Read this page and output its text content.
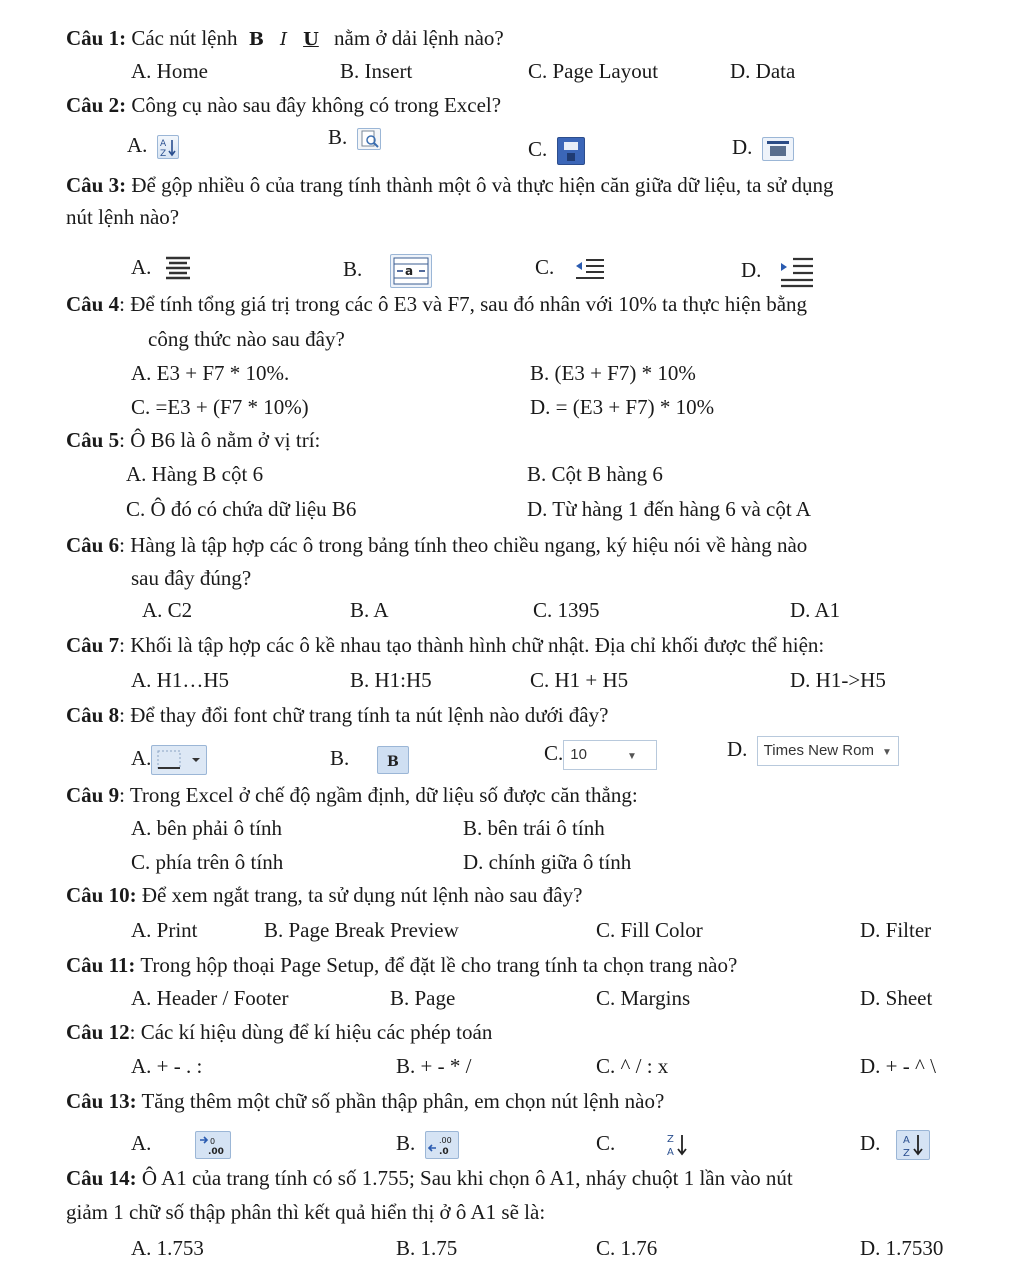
Câu 1: Các nút lệnh B I U nằm ở dải lệnh nào?
A. Home	B. Insert	C. Page Layout	D. Data
Câu 2: Công cụ nào sau đây không có trong Excel?
A. A
Z
B.	C.	D.
Câu 3: Để gộp nhiều ô của trang tính thành một ô và thực hiện căn giữa dữ liệu, ta sử dụng
nút lệnh nào?
A.	B.	a	C.	D.
Câu 4: Để tính tổng giá trị trong các ô E3 và F7, sau đó nhân với 10% ta thực hiện bằng
công thức nào sau đây?
A. E3 + F7 * 10%.	B. (E3 + F7) * 10%
C. =E3 + (F7 * 10%)	D. = (E3 + F7) * 10%
Câu 5: Ô B6 là ô nằm ở vị trí:
A. Hàng B cột 6	B. Cột B hàng 6
C. Ô đó có chứa dữ liệu B6	D. Từ hàng 1 đến hàng 6 và cột A
Câu 6: Hàng là tập hợp các ô trong bảng tính theo chiều ngang, ký hiệu nói về hàng nào
sau đây đúng?
A. C2	B. A	C. 1395	D. A1
Câu 7: Khối là tập hợp các ô kề nhau tạo thành hình chữ nhật. Địa chỉ khối được thể hiện:
A. H1…H5	B. H1:H5	C. H1 + H5	D. H1->H5
Câu 8: Để thay đổi font chữ trang tính ta nút lệnh nào dưới đây?
A.	B.	B	C. 10	▼	D. Times New Rom ▼
Câu 9: Trong Excel ở chế độ ngầm định, dữ liệu số được căn thẳng:
A. bên phải ô tính	B. bên trái ô tính
C. phía trên ô tính	D. chính giữa ô tính
Câu 10: Để xem ngắt trang, ta sử dụng nút lệnh nào sau đây?
A. Print	B. Page Break Preview	C. Fill Color	D. Filter
Câu 11: Trong hộp thoại Page Setup, để đặt lề cho trang tính ta chọn trang nào?
A. Header / Footer	B. Page	C. Margins	D. Sheet
Câu 12: Các kí hiệu dùng để kí hiệu các phép toán
A. + - . :	B. + - * /	C. ^ / : x	D. + - ^ \
Câu 13: Tăng thêm một chữ số phần thập phân, em chọn nút lệnh nào?
A.	0
.00	B.	.00
.0	C.	Z
A	D. A
Z
Câu 14: Ô A1 của trang tính có số 1.755; Sau khi chọn ô A1, nháy chuột 1 lần vào nút
giảm 1 chữ số thập phân thì kết quả hiển thị ở ô A1 sẽ là:
A. 1.753	B. 1.75	C. 1.76	D. 1.7530
